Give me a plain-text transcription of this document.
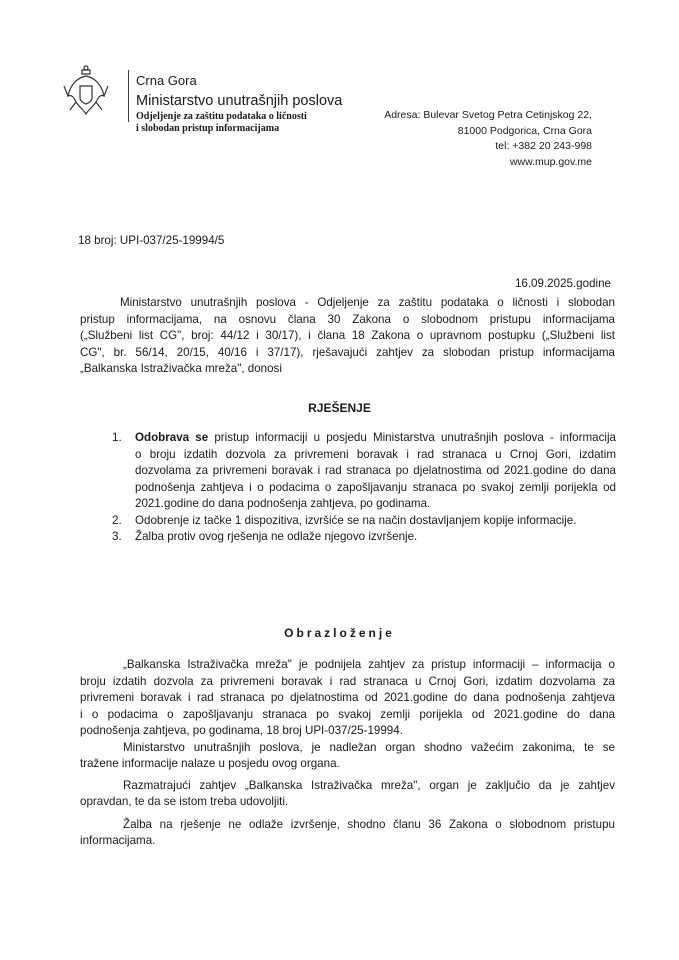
Crna Gora
Ministarstvo unutrašnjih poslova
Odjeljenje za zaštitu podataka o ličnosti
i slobodan pristup informacijama
Adresa: Bulevar Svetog Petra Cetinjskog 22,
81000 Podgorica, Crna Gora
tel: +382 20 243-998
www.mup.gov.me
18 broj: UPI-037/25-19994/5
16.09.2025.godine
Ministarstvo unutrašnjih poslova - Odjeljenje za zaštitu podataka o ličnosti i slobodan
pristup informacijama, na osnovu člana 30 Zakona o slobodnom pristupu informacijama
(„Službeni list CG", broj: 44/12 i 30/17), i člana 18 Zakona o upravnom postupku („Službeni list
CG", br. 56/14, 20/15, 40/16 i 37/17), rješavajući zahtjev za slobodan pristup informacijama
„Balkanska Istraživačka mreža", donosi
RJEŠENJE
1. Odobrava se pristup informaciji u posjedu Ministarstva unutrašnjih poslova - informacija
o broju izdatih dozvola za privremeni boravak i rad stranaca u Crnoj Gori, izdatim
dozvolama za privremeni boravak i rad stranaca po djelatnostima od 2021.godine do dana
podnošenja zahtjeva i o podacima o zapošljavanju stranaca po svakoj zemlji porijekla od
2021.godine do dana podnošenja zahtjeva, po godinama.
2. Odobrenje iz tačke 1 dispozitiva, izvršiće se na način dostavljanjem kopije informacije.
3. Žalba protiv ovog rješenja ne odlaže njegovo izvršenje.
Obrazloženje
„Balkanska Istraživačka mreža" je podnijela zahtjev za pristup informaciji – informacija o
broju izdatih dozvola za privremeni boravak i rad stranaca u Crnoj Gori, izdatim dozvolama za
privremeni boravak i rad stranaca po djelatnostima od 2021.godine do dana podnošenja zahtjeva
i o podacima o zapošljavanju stranaca po svakoj zemlji porijekla od 2021.godine do dana
podnošenja zahtjeva, po godinama, 18 broj UPI-037/25-19994.
Ministarstvo unutrašnjih poslova, je nadležan organ shodno važećim zakonima, te se
tražene informacije nalaze u posjedu ovog organa.
Razmatrajući zahtjev „Balkanska Istraživačka mreža", organ je zaključio da je zahtjev
opravdan, te da se istom treba udovoljiti.
Žalba na rješenje ne odlaže izvršenje, shodno članu 36 Zakona o slobodnom pristupu
informacijama.
